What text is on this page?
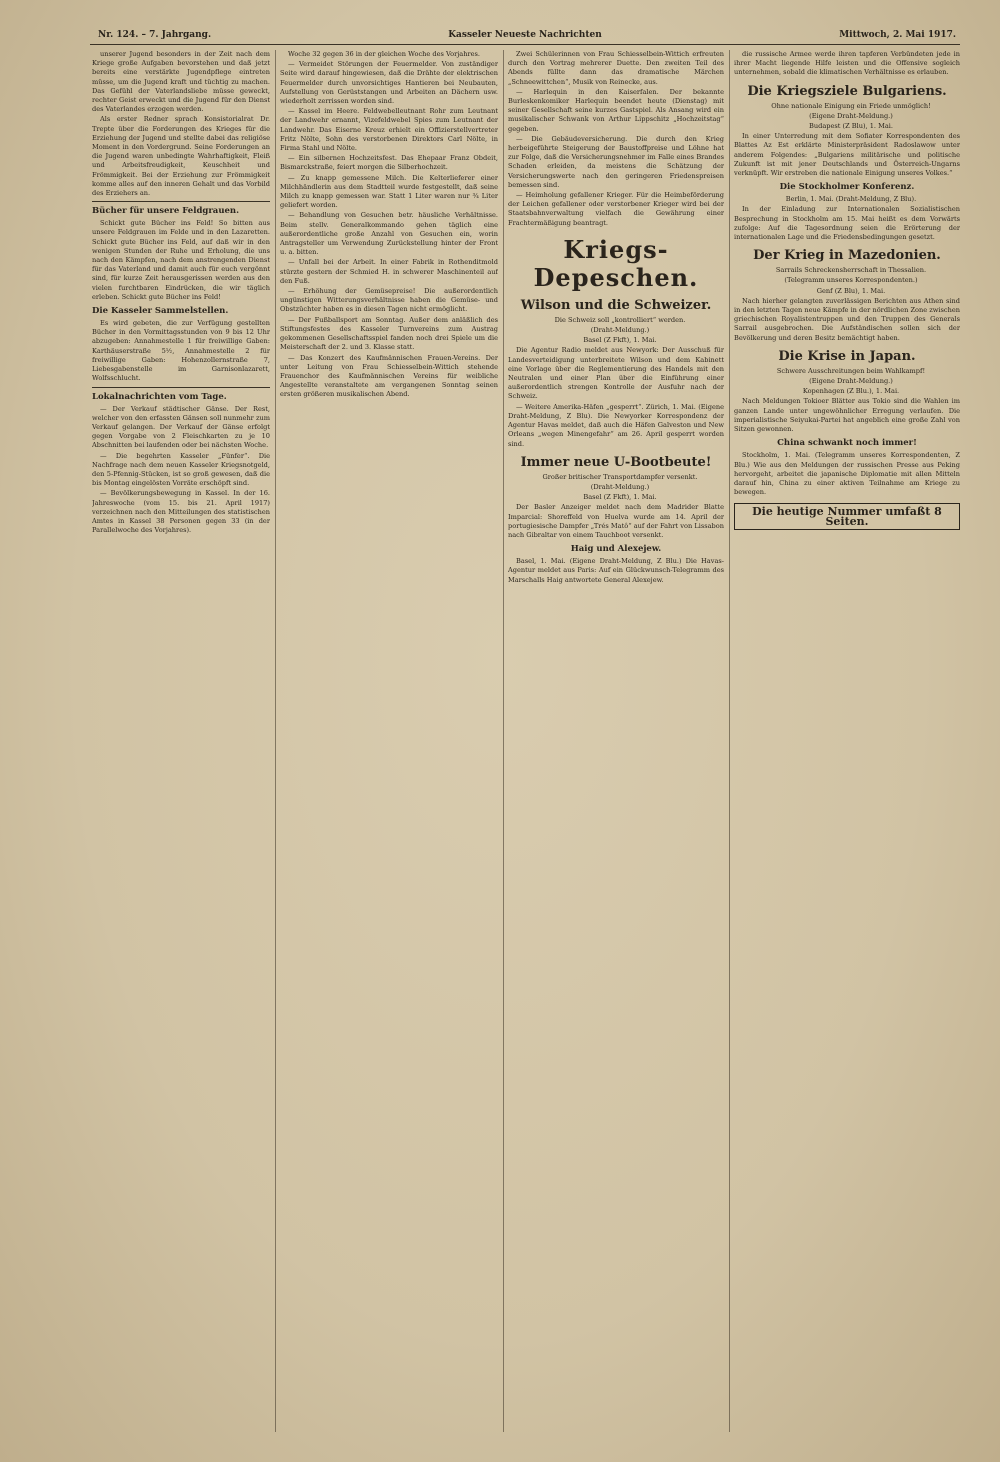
Nr. 124. – 7. Jahrgang.	Kasseler Neueste Nachrichten	Mittwoch, 2. Mai 1917.

unserer Jugend besonders in der Zeit nach dem Kriege große Aufgaben bevorstehen und daß jetzt bereits eine verstärkte Jugendpflege eintreten müsse, um die Jugend kraft und tüchtig zu machen. Das Gefühl der Vaterlandsliebe müsse geweckt, rechter Geist erweckt und die Jugend für den Dienst des Vaterlandes erzogen werden.

Als erster Redner sprach Konsistorialrat Dr. Trepte über die Forderungen des Krieges für die Erziehung der Jugend und stellte dabei das religiöse Moment in den Vordergrund. Seine Forderungen an die Jugend waren unbedingte Wahrhaftigkeit, Fleiß und Arbeitsfreudigkeit, Keuschheit und Frömmigkeit. Bei der Erziehung zur Frömmigkeit komme alles auf den inneren Gehalt und das Vorbild des Erziehers an.

Bücher für unsere Feldgrauen.

Schickt gute Bücher ins Feld! So bitten aus unsere Feldgrauen im Felde und in den Lazaretten. Schickt gute Bücher ins Feld, auf daß wir in den wenigen Stunden der Ruhe und Erholung, die uns nach den Kämpfen, nach dem anstrengenden Dienst für das Vaterland und damit auch für euch vergönnt sind, für kurze Zeit herausgerissen werden aus den vielen furchtbaren Eindrücken, die wir täglich erleben. Schickt gute Bücher ins Feld!

Die Kasseler Sammelstellen.

Es wird gebeten, die zur Verfügung gestellten Bücher in den Vormittagsstunden von 9 bis 12 Uhr abzugeben: Annahmestelle 1 für freiwillige Gaben: Karthäuserstraße 5½, Annahmestelle 2 für freiwillige Gaben: Hohenzollernstraße 7, Liebesgabenstelle im Garnisonlazarett, Wolfsschlucht.

Lokalnachrichten vom Tage.

— Der Verkauf städtischer Gänse. Der Rest, welcher von den erfassten Gänsen soll nunmehr zum Verkauf gelangen. Der Verkauf der Gänse erfolgt gegen Vorgabe von 2 Fleischkarten zu je 10 Abschnitten bei laufenden oder bei nächsten Woche.

— Die begehrten Kasseler „Fünfer“. Die Nachfrage nach dem neuen Kasseler Kriegsnotgeld, den 5-Pfennig-Stücken, ist so groß gewesen, daß die bis Montag eingelösten Vorräte erschöpft sind.

— Bevölkerungsbewegung in Kassel. In der 16. Jahreswoche (vom 15. bis 21. April 1917) verzeichnen nach den Mitteilungen des statistischen Amtes in Kassel 38 Personen gegen 33 (in der Parallelwoche des Vorjahres).

Woche 32 gegen 36 in der gleichen Woche des Vorjahres.

— Vermeidet Störungen der Feuermelder. Von zuständiger Seite wird darauf hingewiesen, daß die Drähte der elektrischen Feuermelder durch unvorsichtiges Hantieren bei Neubauten, Aufstellung von Gerüststangen und Arbeiten an Dächern usw. wiederholt zerrissen worden sind.

— Kassel im Heere. Feldwebelleutnant Rohr zum Leutnant der Landwehr ernannt, Vizefeldwebel Spies zum Leutnant der Landwehr. Das Eiserne Kreuz erhielt ein Offizierstellvertreter Fritz Nölte, Sohn des verstorbenen Direktors Carl Nölte, in Firma Stahl und Nölte.

— Ein silbernen Hochzeitsfest. Das Ehepaar Franz Obdeit, Bismarckstraße, feiert morgen die Silberhochzeit.

— Zu knapp gemessene Milch. Die Kelterlieferer einer Milchhändlerin aus dem Stadtteil wurde festgestellt, daß seine Milch zu knapp gemessen war. Statt 1 Liter waren nur ¾ Liter geliefert worden.

— Behandlung von Gesuchen betr. häusliche Verhältnisse. Beim stellv. Generalkommando gehen täglich eine außerordentliche große Anzahl von Gesuchen ein, worin Antragsteller um Verwendung Zurückstellung hinter der Front u. a. bitten.

— Unfall bei der Arbeit. In einer Fabrik in Rothenditmold stürzte gestern der Schmied H. in schwerer Maschinenteil auf den Fuß.

— Erhöhung der Gemüsepreise! Die außerordentlich ungünstigen Witterungsverhältnisse haben die Gemüse- und Obstzüchter haben es in diesen Tagen nicht ermöglicht.

— Der Fußballsport am Sonntag. Außer dem anläßlich des Stiftungsfestes des Kasseler Turnvereins zum Austrag gekommenen Gesellschaftsspiel fanden noch drei Spiele um die Meisterschaft der 2. und 3. Klasse statt.

— Das Konzert des Kaufmännischen Frauen-Vereins. Der unter Leitung von Frau Schiesselbein-Wittich stehende Frauenchor des Kaufmännischen Vereins für weibliche Angestellte veranstaltete am vergangenen Sonntag seinen ersten größeren musikalischen Abend.

Zwei Schülerinnen von Frau Schiesselbein-Wittich erfreuten durch den Vortrag mehrerer Duette. Den zweiten Teil des Abends füllte dann das dramatische Märchen „Schneewittchen“, Musik von Reinecke, aus.

— Harlequin in den Kaiserfalen. Der bekannte Burleskenkomiker Harlequin beendet heute (Dienstag) mit seiner Gesellschaft seine kurzes Gastspiel. Als Ansang wird ein musikalischer Schwank von Arthur Lippschitz „Hochzeitstag“ gegeben.

— Die Gebäudeversicherung. Die durch den Krieg herbeigeführte Steigerung der Baustoffpreise und Löhne hat zur Folge, daß die Versicherungsnehmer im Falle eines Brandes Schaden erleiden, da meistens die Schätzung der Versicherungswerte nach den geringeren Friedenspreisen bemessen sind.

— Heimholung gefallener Krieger. Für die Heimbeförderung der Leichen gefallener oder verstorbener Krieger wird bei der Staatsbahnverwaltung vielfach die Gewährung einer Frachtermäßigung beantragt.

Kriegs-Depeschen.
Wilson und die Schweizer.

Die Schweiz soll „kontrolliert“ werden.

(Draht-Meldung.)

Basel (Z Fkft), 1. Mai.

Die Agentur Radio meldet aus Newyork: Der Ausschuß für Landesverteidigung unterbreitete Wilson und dem Kabinett eine Vorlage über die Reglementierung des Handels mit den Neutralen und einer Plan über die Einführung einer außerordentlich strengen Kontrolle der Ausfuhr nach der Schweiz.

— Weitere Amerika-Häfen „gesperrt“. Zürich, 1. Mai. (Eigene Draht-Meldung, Z Blu). Die Newyorker Korrespondenz der Agentur Havas meldet, daß auch die Häfen Galveston und New Orleans „wegen Minengefahr“ am 26. April gesperrt worden sind.

Immer neue U-Bootbeute!

Großer britischer Transportdampfer versenkt.

(Draht-Meldung.)

Basel (Z Fkft), 1. Mai.

Der Basler Anzeiger meldet nach dem Madrider Blatte Imparcial: Shoreffeld von Huelva wurde am 14. April der portugiesische Dampfer „Trés Matô“ auf der Fahrt von Lissabon nach Gibraltar von einem Tauchboot versenkt.

Haig und Alexejew.

Basel, 1. Mai. (Eigene Draht-Meldung, Z Blu.) Die Havas-Agentur meldet aus Paris: Auf ein Glückwunsch-Telegramm des Marschalls Haig antwortete General Alexejew.

die russische Armee werde ihren tapferen Verbündeten jede in ihrer Macht liegende Hilfe leisten und die Offensive sogleich unternehmen, sobald die klimatischen Verhältnisse es erlauben.

Die Kriegsziele Bulgariens.

Ohne nationale Einigung ein Friede unmöglich!

(Eigene Draht-Meldung.)

Budapest (Z Blu), 1. Mai.

In einer Unterredung mit dem Sofiater Korrespondenten des Blattes Az Est erklärte Ministerpräsident Radoslawow unter anderem Folgendes: „Bulgariens militärische und politische Zukunft ist mit jener Deutschlands und Österreich-Ungarns verknüpft. Wir erstreben die nationale Einigung unseres Volkes.“

Die Stockholmer Konferenz.

Berlin, 1. Mai. (Draht-Meldung, Z Blu).

In der Einladung zur Internationalen Sozialistischen Besprechung in Stockholm am 15. Mai heißt es dem Vorwärts zufolge: Auf die Tagesordnung seien die Erörterung der internationalen Lage und die Friedensbedingungen gesetzt.

Der Krieg in Mazedonien.

Sarrails Schreckensherrschaft in Thessalien.

(Telegramm unseres Korrespondenten.)

Genf (Z Blu), 1. Mai.

Nach hierher gelangten zuverlässigen Berichten aus Athen sind in den letzten Tagen neue Kämpfe in der nördlichen Zone zwischen griechischen Royalistentruppen und den Truppen des Generals Sarrail ausgebrochen. Die Aufständischen sollen sich der Bevölkerung und deren Besitz bemächtigt haben.

Die Krise in Japan.

Schwere Ausschreitungen beim Wahlkampf!

(Eigene Draht-Meldung.)

Kopenhagen (Z Blu.), 1. Mai.

Nach Meldungen Tokioer Blätter aus Tokio sind die Wahlen im ganzen Lande unter ungewöhnlicher Erregung verlaufen. Die imperialistische Seiyukai-Partei hat angeblich eine große Zahl von Sitzen gewonnen.

China schwankt noch immer!

Stockholm, 1. Mai. (Telegramm unseres Korrespondenten, Z Blu.) Wie aus den Meldungen der russischen Presse aus Peking hervorgeht, arbeitet die japanische Diplomatie mit allen Mitteln darauf hin, China zu einer aktiven Teilnahme am Kriege zu bewegen.

Die heutige Nummer umfaßt 8 Seiten.
